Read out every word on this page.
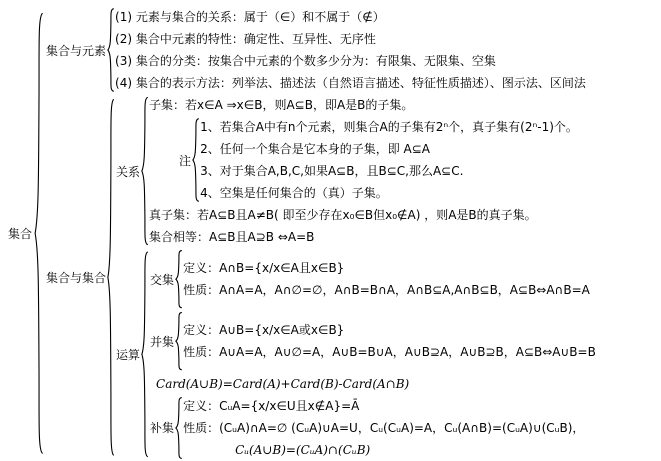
集合
集合与元素
(1) 元素与集合的关系：属于（∈）和不属于（∉）
(2) 集合中元素的特性：确定性、互异性、无序性
(3) 集合的分类：按集合中元素的个数多少分为：有限集、无限集、空集
(4) 集合的表示方法：列举法、描述法（自然语言描述、特征性质描述）、图示法、区间法
集合与集合
关系
子集：若x∈A ⇒x∈B，则A⊆B，即A是B的子集。
注
1、若集合A中有n个元素，则集合A的子集有2ⁿ个，真子集有(2ⁿ-1)个。
2、任何一个集合是它本身的子集，即 A⊆A
3、对于集合A,B,C,如果A⊆B，且B⊆C,那么A⊆C.
4、空集是任何集合的（真）子集。
真子集：若A⊆B且A≠B( 即至少存在x₀∈B但x₀∉A) ，则A是B的真子集。
集合相等：A⊆B且A⊇B ⇔A=B
运算
交集
定义：A∩B={x/x∈A且x∈B}
性质：A∩A=A，A∩∅=∅，A∩B=B∩A，A∩B⊆A,A∩B⊆B，A⊆B⇔A∩B=A
并集
定义：A∪B={x/x∈A或x∈B}
性质：A∪A=A，A∪∅=A，A∪B=B∪A，A∪B⊇A，A∪B⊇B，A⊆B⇔A∪B=B
Card(A∪B)=Card(A)+Card(B)-Card(A∩B)
补集
定义：CᵤA={x/x∈U且x∉A}=Ā
性质：(CᵤA)∩A=∅ (CᵤA)∪A=U，Cᵤ(CᵤA)=A，Cᵤ(A∩B)=(CᵤA)∪(CᵤB)，
Cᵤ(A∪B)=(CᵤA)∩(CᵤB)
